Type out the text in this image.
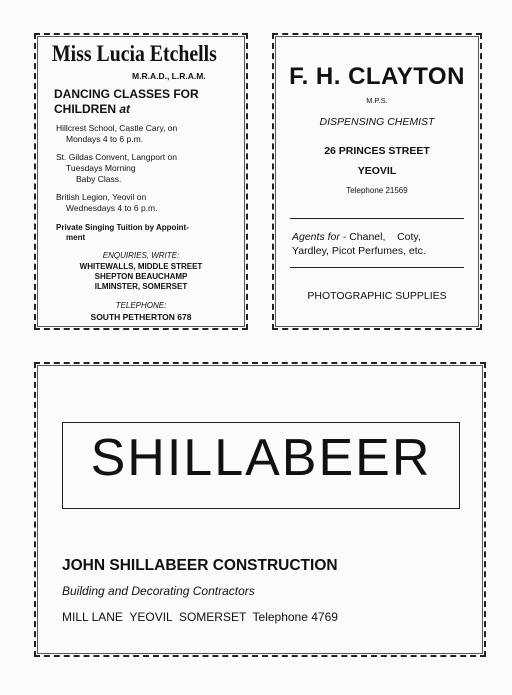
Miss Lucia Etchells
M.R.A.D., L.R.A.M.
DANCING CLASSES FOR
CHILDREN at
Hillcrest School, Castle Cary, on
Mondays 4 to 6 p.m.
St. Gildas Convent, Langport on
Tuesdays Morning
Baby Class.
British Legion, Yeovil on
Wednesdays 4 to 6 p.m.
Private Singing Tuition by Appoint-
ment
ENQUIRIES, WRITE:
WHITEWALLS, MIDDLE STREET
SHEPTON BEAUCHAMP
ILMINSTER, SOMERSET
TELEPHONE:
SOUTH PETHERTON 678
F. H. CLAYTON
M.P.S.
DISPENSING CHEMIST
26 PRINCES STREET
YEOVIL
Telephone 21569
Agents for - Chanel,    Coty,
Yardley, Picot Perfumes, etc.
PHOTOGRAPHIC SUPPLIES
SHILLABEER
JOHN SHILLABEER CONSTRUCTION
Building and Decorating Contractors
MILL LANE  YEOVIL  SOMERSET  Telephone 4769
